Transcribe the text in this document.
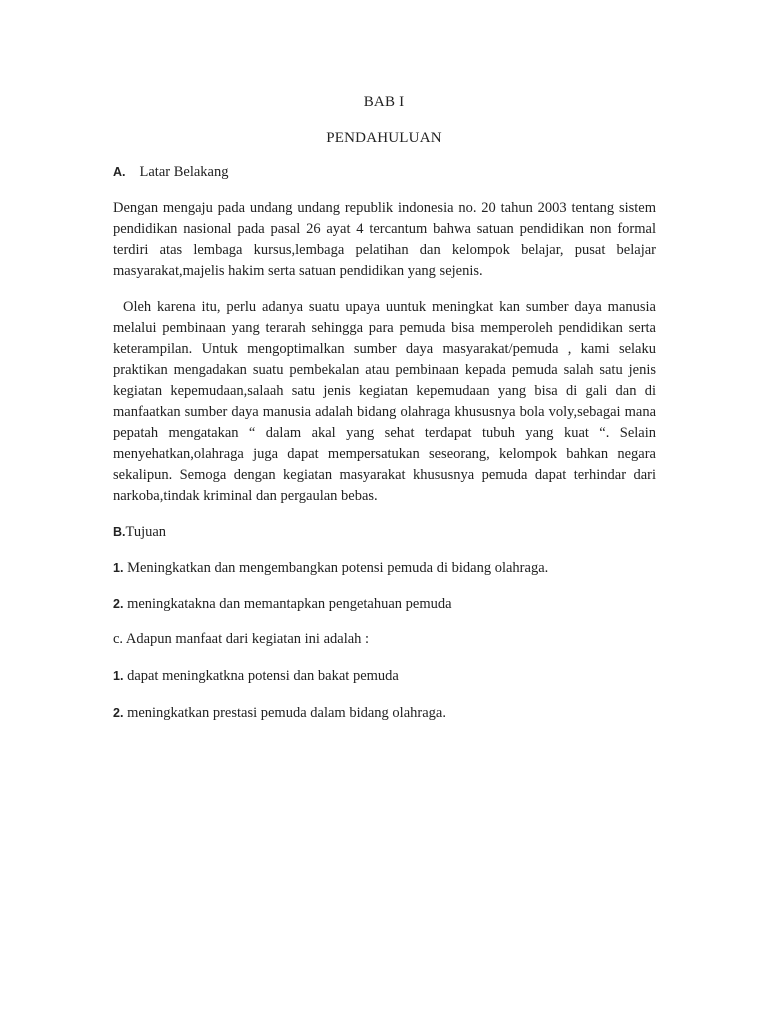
BAB I
PENDAHULUAN
A. Latar Belakang

Dengan mengaju pada undang undang republik indonesia no. 20 tahun 2003 tentang sistem pendidikan nasional pada pasal 26 ayat 4 tercantum bahwa satuan pendidikan non formal terdiri atas lembaga kursus,lembaga pelatihan dan kelompok belajar, pusat belajar masyarakat,majelis hakim serta satuan pendidikan yang sejenis.

Oleh karena itu, perlu adanya suatu upaya uuntuk meningkat kan sumber daya manusia melalui pembinaan yang terarah sehingga para pemuda bisa memperoleh pendidikan serta keterampilan. Untuk mengoptimalkan sumber daya masyarakat/pemuda , kami selaku praktikan mengadakan suatu pembekalan atau pembinaan kepada pemuda salah satu jenis kegiatan kepemudaan,salaah satu jenis kegiatan kepemudaan yang bisa di gali dan di manfaatkan sumber daya manusia adalah bidang olahraga khususnya bola voly,sebagai mana pepatah mengatakan “ dalam akal yang sehat terdapat tubuh yang kuat “. Selain menyehatkan,olahraga juga dapat mempersatukan seseorang, kelompok bahkan negara sekalipun. Semoga dengan kegiatan masyarakat khususnya pemuda dapat terhindar dari narkoba,tindak kriminal dan pergaulan bebas.

B.Tujuan
1. Meningkatkan dan mengembangkan potensi pemuda di bidang olahraga.
2. meningkatakna dan memantapkan pengetahuan pemuda
c. Adapun manfaat dari kegiatan ini adalah :
1. dapat meningkatkna potensi dan bakat pemuda
2. meningkatkan prestasi pemuda dalam bidang olahraga.
